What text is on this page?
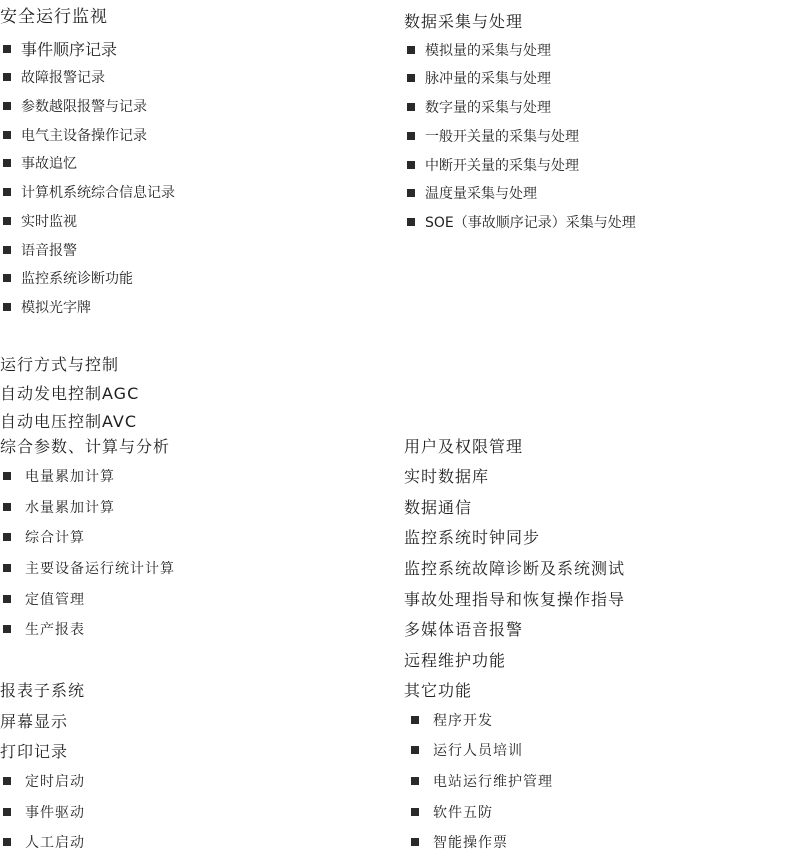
安全运行监视
事件顺序记录
故障报警记录
参数越限报警与记录
电气主设备操作记录
事故追忆
计算机系统综合信息记录
实时监视
语音报警
监控系统诊断功能
模拟光字牌
运行方式与控制
自动发电控制AGC
自动电压控制AVC
综合参数、计算与分析
电量累加计算
水量累加计算
综合计算
主要设备运行统计计算
定值管理
生产报表
报表子系统
屏幕显示
打印记录
定时启动
事件驱动
人工启动
数据采集与处理
模拟量的采集与处理
脉冲量的采集与处理
数字量的采集与处理
一般开关量的采集与处理
中断开关量的采集与处理
温度量采集与处理
SOE（事故顺序记录）采集与处理
用户及权限管理
实时数据库
数据通信
监控系统时钟同步
监控系统故障诊断及系统测试
事故处理指导和恢复操作指导
多媒体语音报警
远程维护功能
其它功能
程序开发
运行人员培训
电站运行维护管理
软件五防
智能操作票
